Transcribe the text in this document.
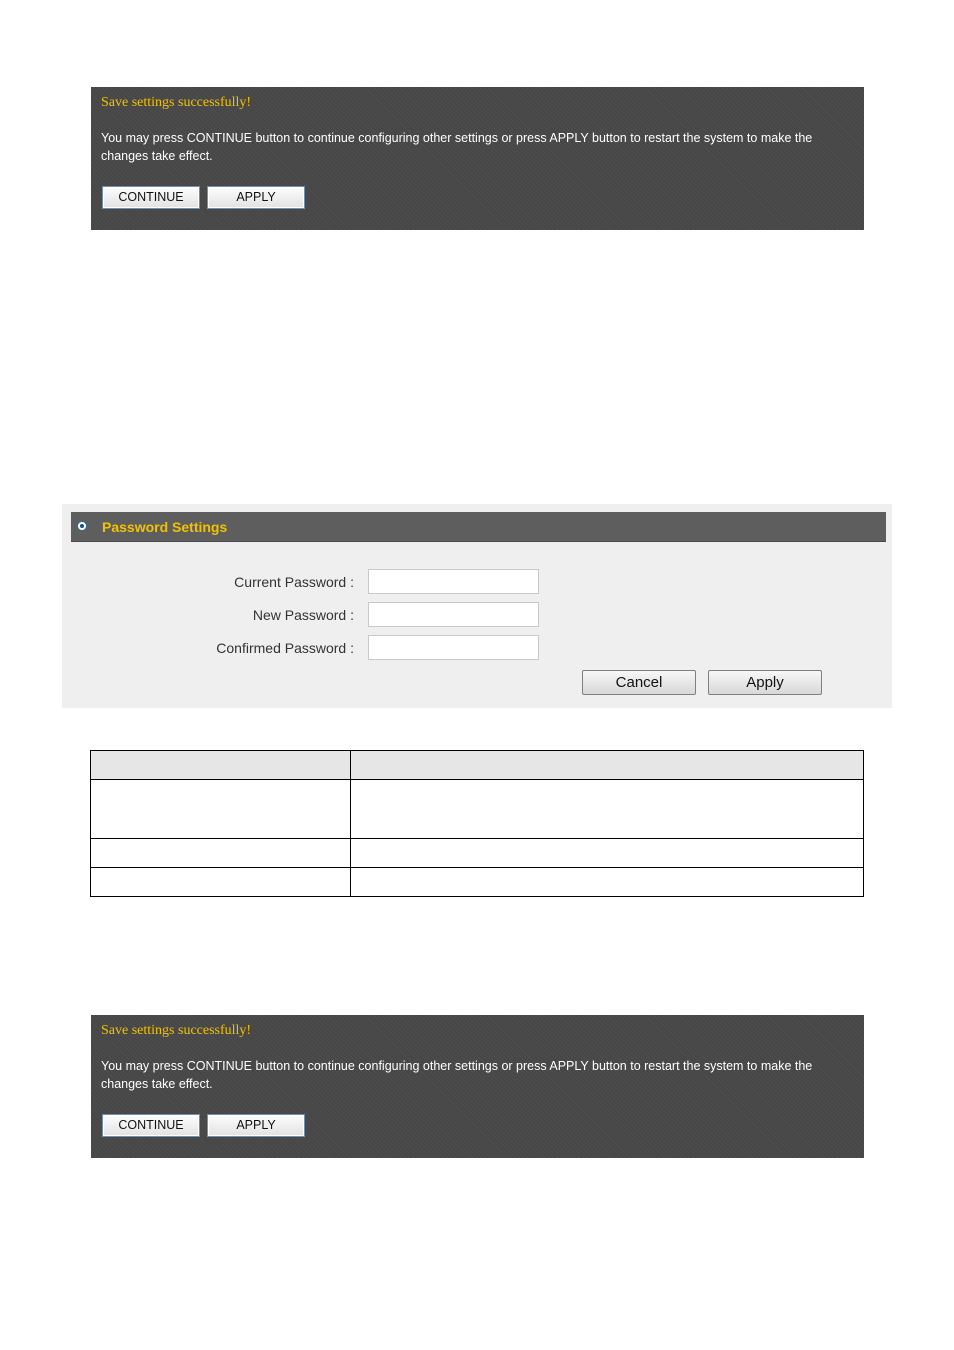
Save settings successfully!
You may press CONTINUE button to continue configuring other settings or press APPLY button to restart the system to make the changes take effect.
CONTINUE	APPLY
Password Settings
Current Password :
New Password :
Confirmed Password :
Cancel	Apply

Save settings successfully!
You may press CONTINUE button to continue configuring other settings or press APPLY button to restart the system to make the changes take effect.
CONTINUE	APPLY
